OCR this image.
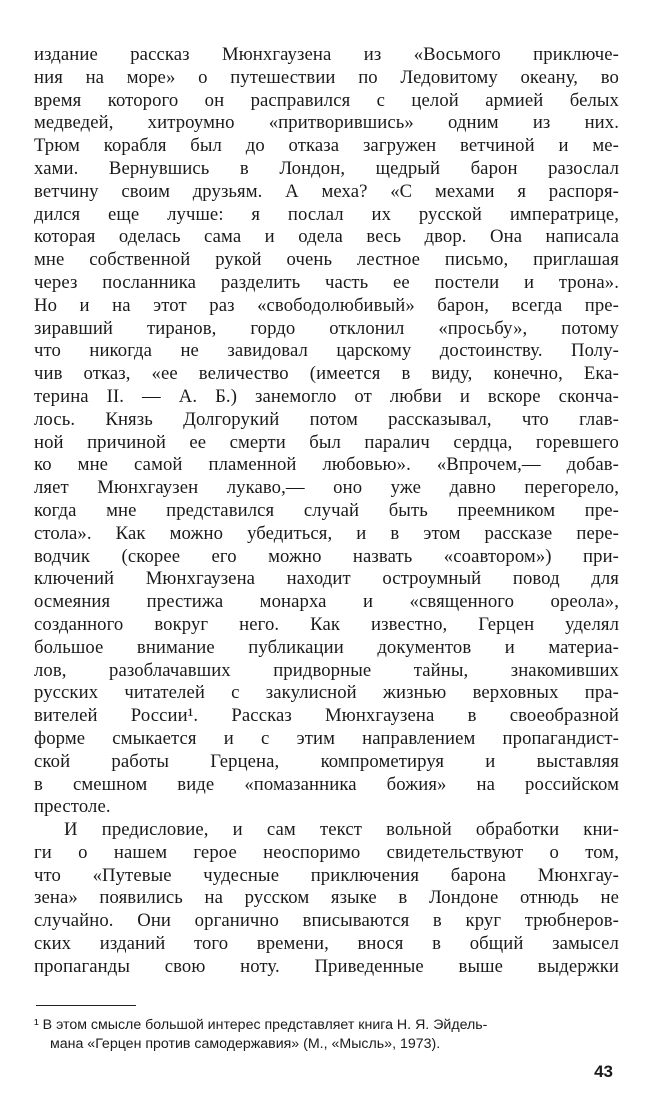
издание рассказ Мюнхгаузена из «Восьмого приключе-
ния на море» о путешествии по Ледовитому океану, во
время которого он расправился с целой армией белых
медведей, хитроумно «притворившись» одним из них.
Трюм корабля был до отказа загружен ветчиной и ме-
хами. Вернувшись в Лондон, щедрый барон разослал
ветчину своим друзьям. А меха? «С мехами я распоря-
дился еще лучше: я послал их русской императрице,
которая оделась сама и одела весь двор. Она написала
мне собственной рукой очень лестное письмо, приглашая
через посланника разделить часть ее постели и трона».
Но и на этот раз «свободолюбивый» барон, всегда пре-
зиравший тиранов, гордо отклонил «просьбу», потому
что никогда не завидовал царскому достоинству. Полу-
чив отказ, «ее величество (имеется в виду, конечно, Ека-
терина II. — А. Б.) занемогло от любви и вскоре сконча-
лось. Князь Долгорукий потом рассказывал, что глав-
ной причиной ее смерти был паралич сердца, горевшего
ко мне самой пламенной любовью». «Впрочем,— добав-
ляет Мюнхгаузен лукаво,— оно уже давно перегорело,
когда мне представился случай быть преемником пре-
стола». Как можно убедиться, и в этом рассказе пере-
водчик (скорее его можно назвать «соавтором») при-
ключений Мюнхгаузена находит остроумный повод для
осмеяния престижа монарха и «священного ореола»,
созданного вокруг него. Как известно, Герцен уделял
большое внимание публикации документов и материа-
лов, разоблачавших придворные тайны, знакомивших
русских читателей с закулисной жизнью верховных пра-
вителей России¹. Рассказ Мюнхгаузена в своеобразной
форме смыкается и с этим направлением пропагандист-
ской работы Герцена, компрометируя и выставляя
в смешном виде «помазанника божия» на российском
престоле.
И предисловие, и сам текст вольной обработки кни-
ги о нашем герое неоспоримо свидетельствуют о том,
что «Путевые чудесные приключения барона Мюнхгау-
зена» появились на русском языке в Лондоне отнюдь не
случайно. Они органично вписываются в круг трюбнеров-
ских изданий того времени, внося в общий замысел
пропаганды свою ноту. Приведенные выше выдержки
¹ В этом смысле большой интерес представляет книга Н. Я. Эйдель-
мана «Герцен против самодержавия» (М., «Мысль», 1973).
43
